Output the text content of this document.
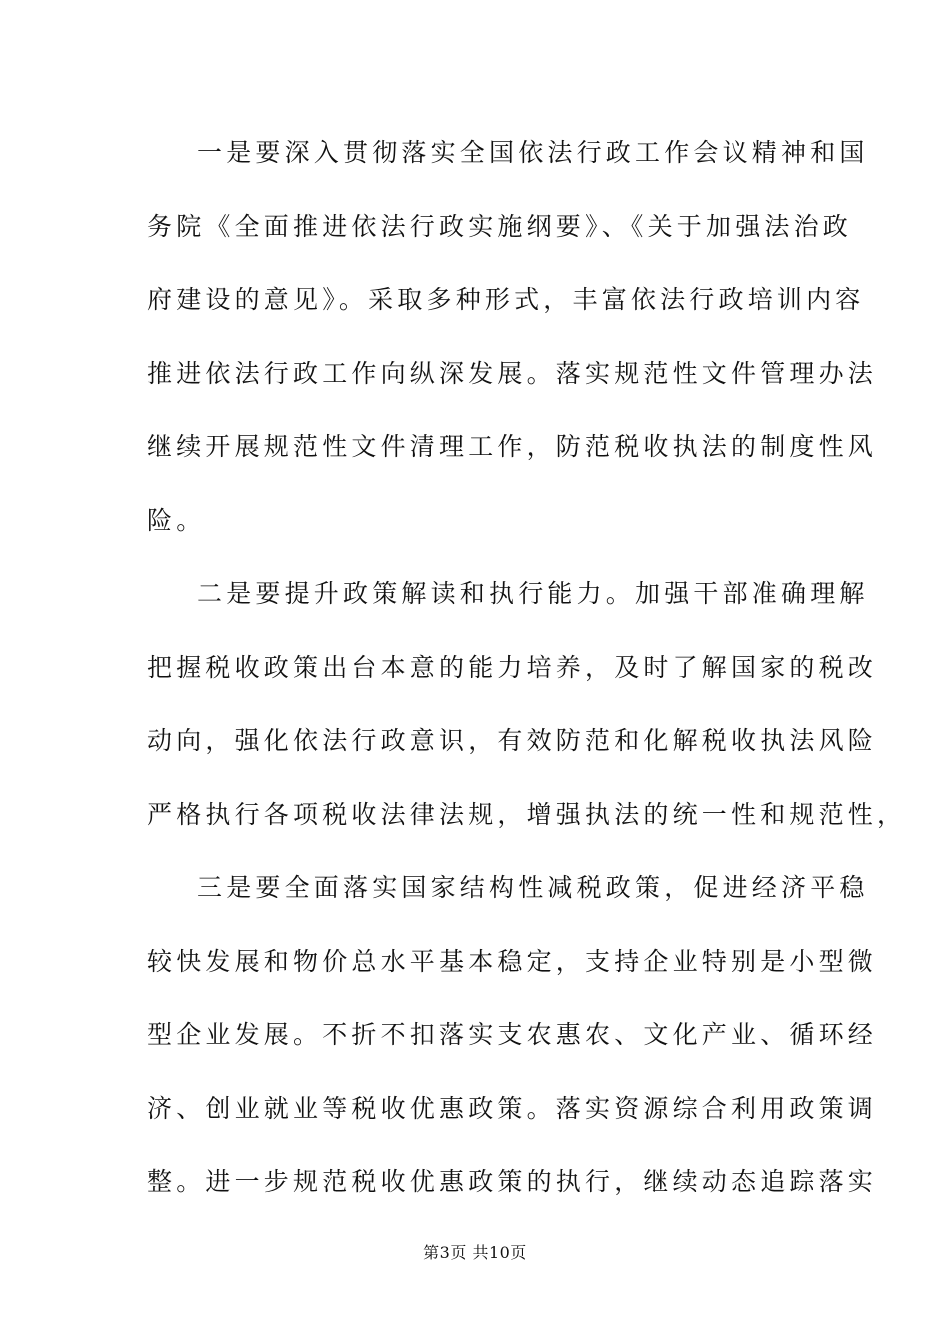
一是要深入贯彻落实全国依法行政工作会议精神和国
务院《全面推进依法行政实施纲要》、《关于加强法治政
府建设的意见》。采取多种形式，丰富依法行政培训内容
推进依法行政工作向纵深发展。落实规范性文件管理办法
继续开展规范性文件清理工作，防范税收执法的制度性风
险。
二是要提升政策解读和执行能力。加强干部准确理解
把握税收政策出台本意的能力培养，及时了解国家的税改
动向，强化依法行政意识，有效防范和化解税收执法风险
严格执行各项税收法律法规，增强执法的统一性和规范性，
三是要全面落实国家结构性减税政策，促进经济平稳
较快发展和物价总水平基本稳定，支持企业特别是小型微
型企业发展。不折不扣落实支农惠农、文化产业、循环经
济、创业就业等税收优惠政策。落实资源综合利用政策调
整。进一步规范税收优惠政策的执行，继续动态追踪落实
第3页 共10页
